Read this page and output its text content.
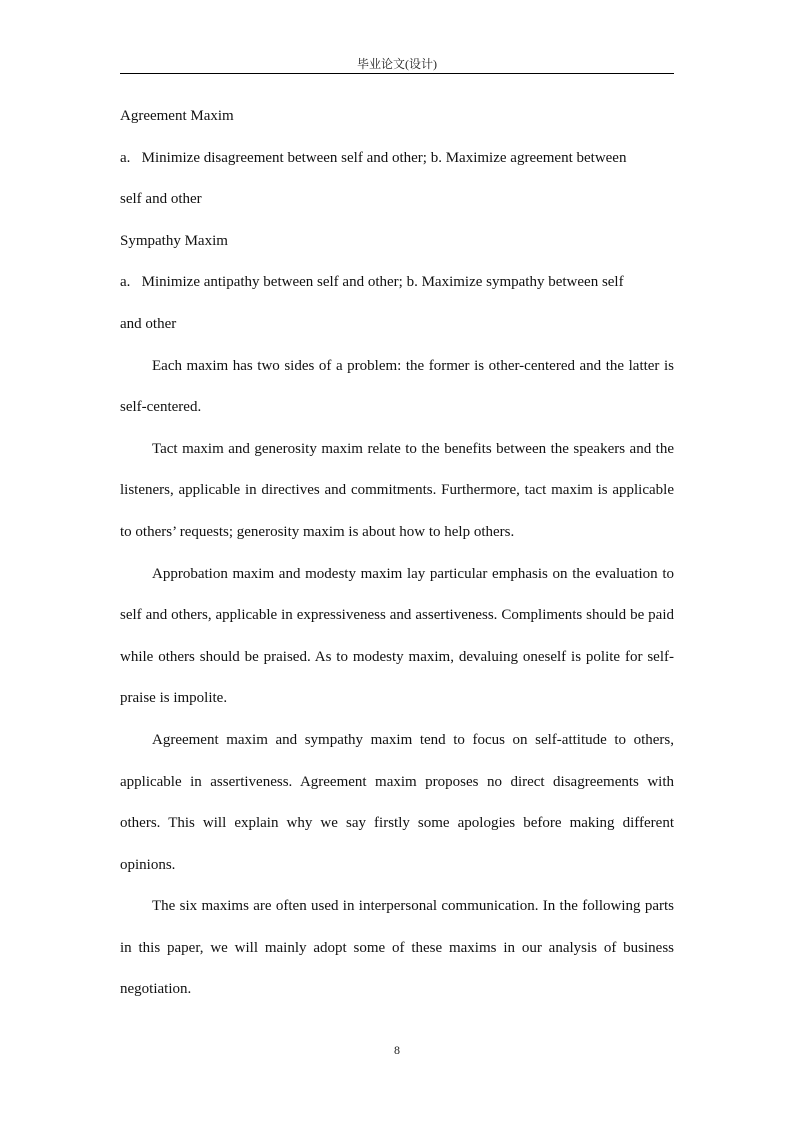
毕业论文(设计)

Agreement Maxim

a.   Minimize disagreement between self and other; b. Maximize agreement between

self and other

Sympathy Maxim

a.   Minimize antipathy between self and other; b. Maximize sympathy between self

and other

Each maxim has two sides of a problem: the former is other-centered and the latter is self-centered.

Tact maxim and generosity maxim relate to the benefits between the speakers and the listeners, applicable in directives and commitments. Furthermore, tact maxim is applicable to others’ requests; generosity maxim is about how to help others.

Approbation maxim and modesty maxim lay particular emphasis on the evaluation to self and others, applicable in expressiveness and assertiveness. Compliments should be paid while others should be praised. As to modesty maxim, devaluing oneself is polite for self-praise is impolite.

Agreement maxim and sympathy maxim tend to focus on self-attitude to others, applicable in assertiveness. Agreement maxim proposes no direct disagreements with others. This will explain why we say firstly some apologies before making different opinions.

The six maxims are often used in interpersonal communication. In the following parts in this paper, we will mainly adopt some of these maxims in our analysis of business negotiation.

8
